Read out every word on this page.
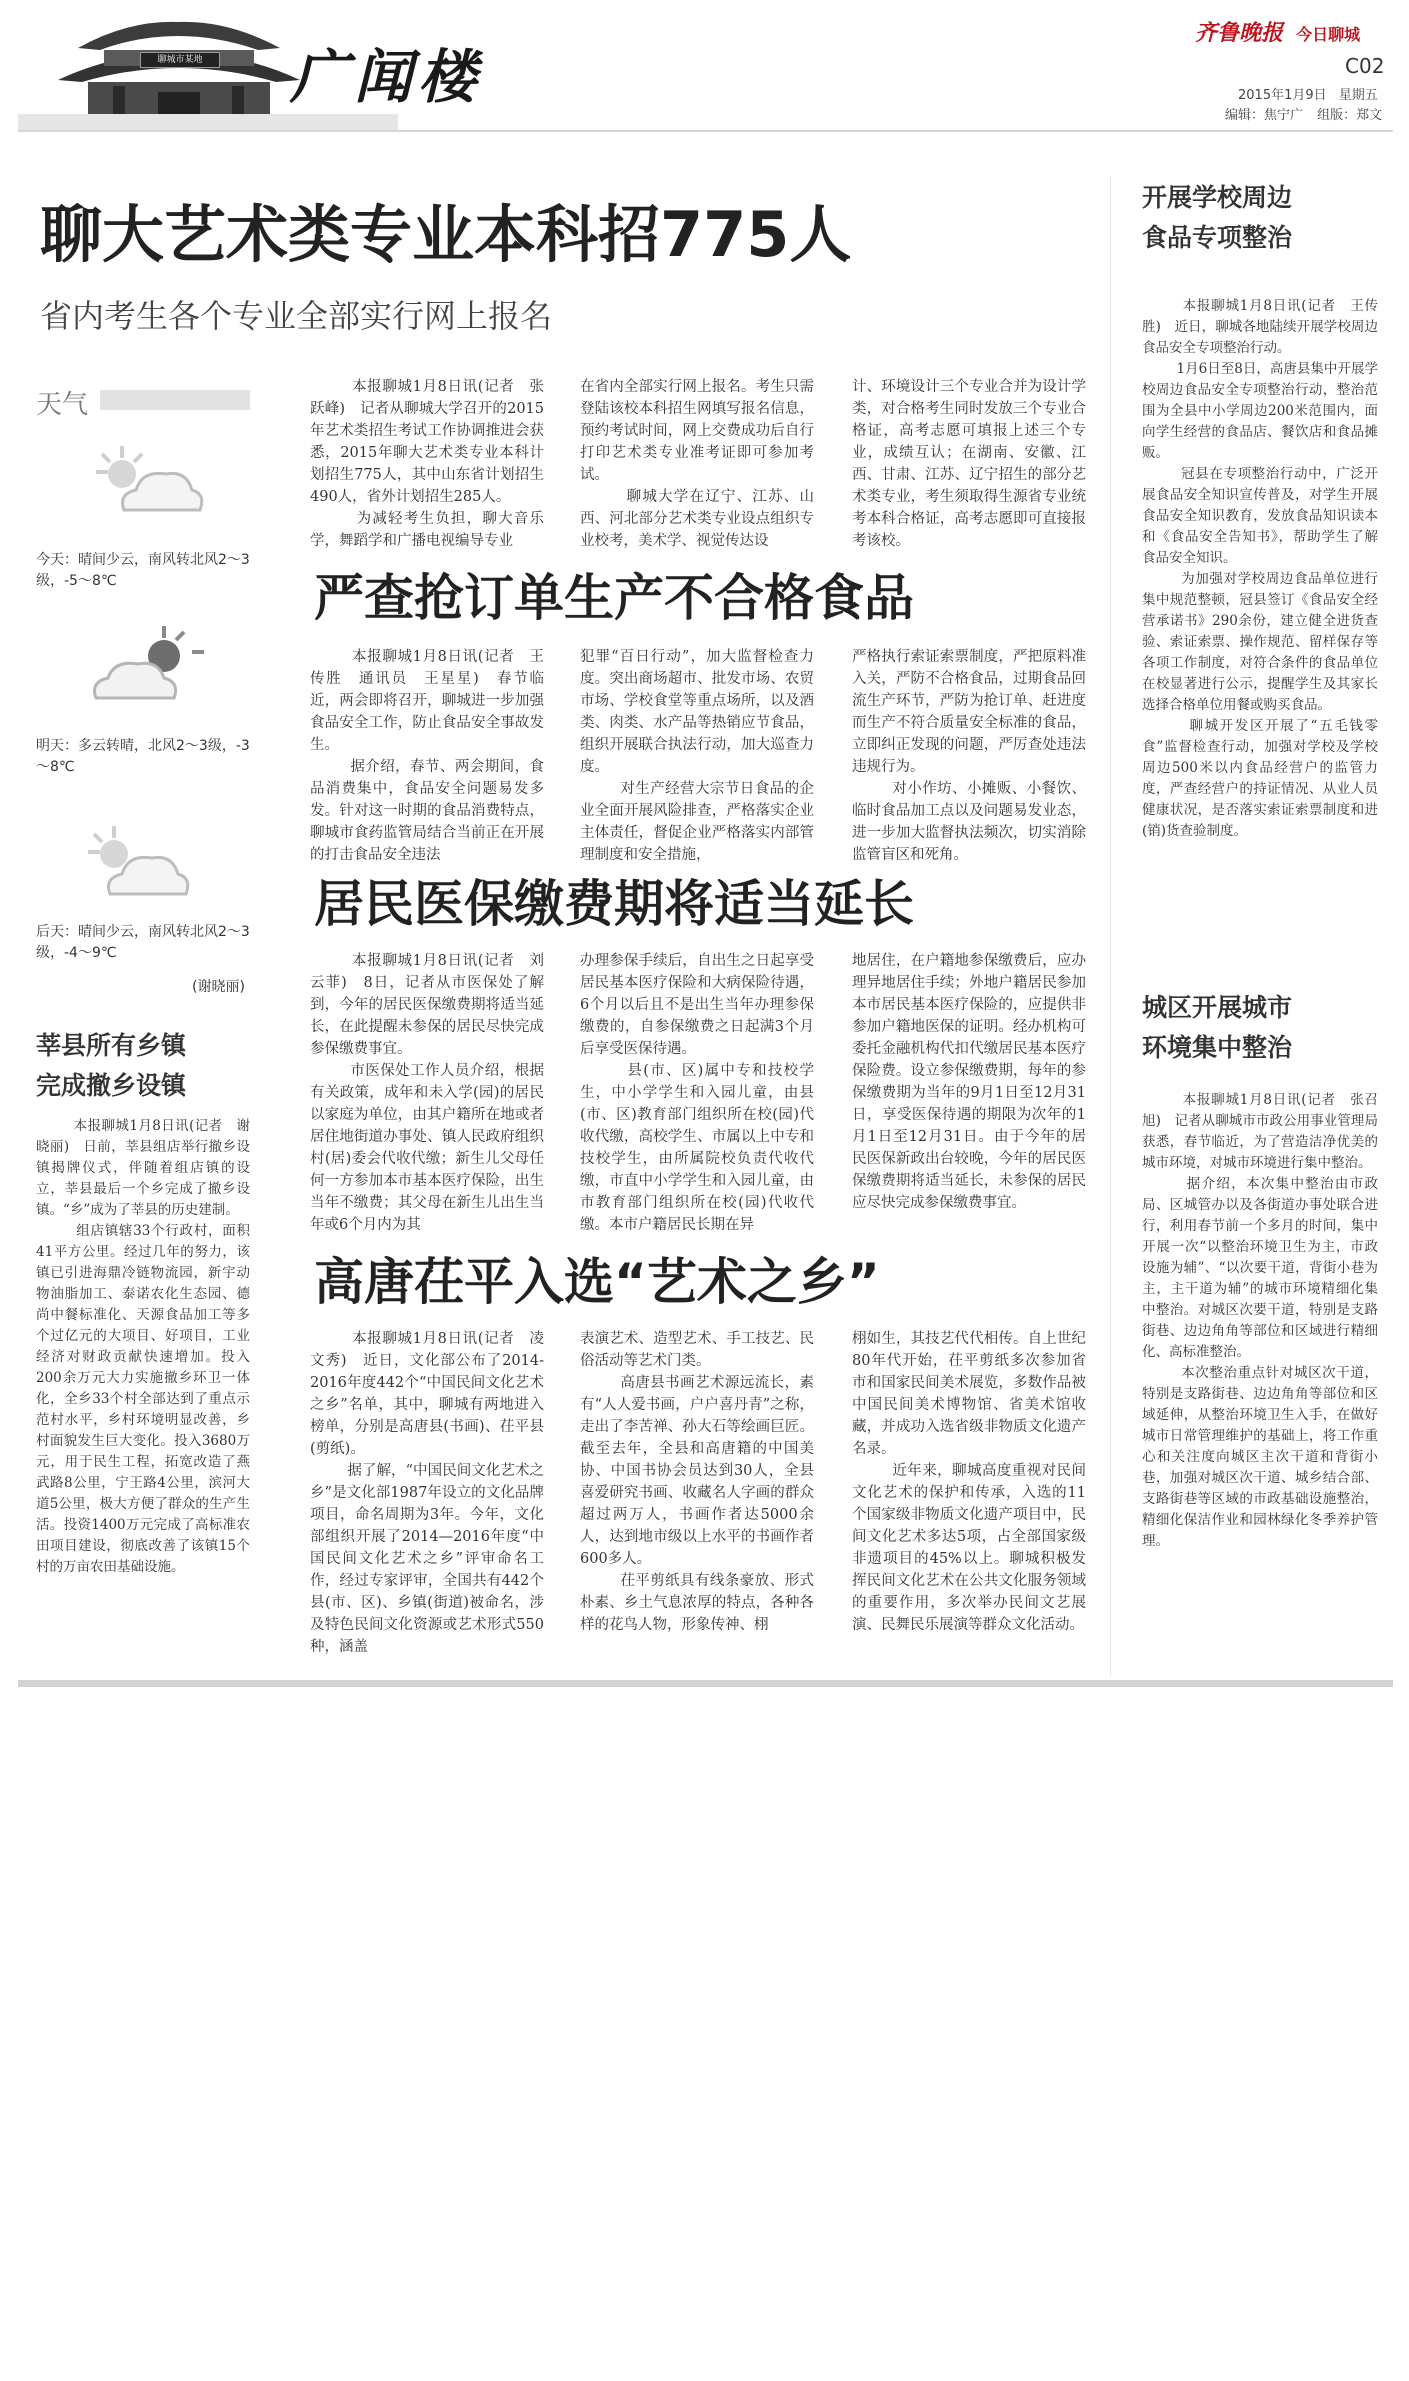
聊城市某地	广闻楼
齐鲁晚报 今日聊城
C02
2015年1月9日 星期五
编辑：焦宁广 组版：郑文
聊大艺术类专业本科招775人
省内考生各个专业全部实行网上报名
天气

今天：晴间少云，南风转北风2～3级，-5～8℃

明天：多云转晴，北风2～3级，-3～8℃

后天：晴间少云，南风转北风2～3级，-4～9℃

(谢晓丽)
莘县所有乡镇
完成撤乡设镇

本报聊城1月8日讯(记者　谢晓丽)　日前，莘县组店举行撤乡设镇揭牌仪式，伴随着组店镇的设立，莘县最后一个乡完成了撤乡设镇。“乡”成为了莘县的历史建制。
组店镇辖33个行政村，面积41平方公里。经过几年的努力，该镇已引进海鼎冷链物流园，新宇动物油脂加工、泰诺农化生态园、德尚中餐标准化、天源食品加工等多个过亿元的大项目、好项目，工业经济对财政贡献快速增加。投入200余万元大力实施撤乡环卫一体化，全乡33个村全部达到了重点示范村水平，乡村环境明显改善，乡村面貌发生巨大变化。投入3680万元，用于民生工程，拓宽改造了燕武路8公里，宁王路4公里，滨河大道5公里，极大方便了群众的生产生活。投资1400万元完成了高标准农田项目建设，彻底改善了该镇15个村的万亩农田基础设施。

本报聊城1月8日讯(记者　张跃峰)　记者从聊城大学召开的2015年艺术类招生考试工作协调推进会获悉，2015年聊大艺术类专业本科计划招生775人，其中山东省计划招生490人，省外计划招生285人。
为减轻考生负担，聊大音乐学，舞蹈学和广播电视编导专业

在省内全部实行网上报名。考生只需登陆该校本科招生网填写报名信息，预约考试时间，网上交费成功后自行打印艺术类专业准考证即可参加考试。
聊城大学在辽宁、江苏、山西、河北部分艺术类专业设点组织专业校考，美术学、视觉传达设

计、环境设计三个专业合并为设计学类，对合格考生同时发放三个专业合格证，高考志愿可填报上述三个专业，成绩互认；在湖南、安徽、江西、甘肃、江苏、辽宁招生的部分艺术类专业，考生须取得生源省专业统考本科合格证，高考志愿即可直接报考该校。

严查抢订单生产不合格食品

本报聊城1月8日讯(记者　王传胜　通讯员　王星星)　春节临近，两会即将召开，聊城进一步加强食品安全工作，防止食品安全事故发生。
据介绍，春节、两会期间，食品消费集中，食品安全问题易发多发。针对这一时期的食品消费特点，聊城市食药监管局结合当前正在开展的打击食品安全违法

犯罪“百日行动”，加大监督检查力度。突出商场超市、批发市场、农贸市场、学校食堂等重点场所，以及酒类、肉类、水产品等热销应节食品，组织开展联合执法行动，加大巡查力度。
对生产经营大宗节日食品的企业全面开展风险排查，严格落实企业主体责任，督促企业严格落实内部管理制度和安全措施，

严格执行索证索票制度，严把原料准入关，严防不合格食品，过期食品回流生产环节，严防为抢订单、赶进度而生产不符合质量安全标准的食品，立即纠正发现的问题，严厉查处违法违规行为。
对小作坊、小摊贩、小餐饮、临时食品加工点以及问题易发业态，进一步加大监督执法频次，切实消除监管盲区和死角。

居民医保缴费期将适当延长

本报聊城1月8日讯(记者　刘云菲)　8日，记者从市医保处了解到，今年的居民医保缴费期将适当延长，在此提醒未参保的居民尽快完成参保缴费事宜。
市医保处工作人员介绍，根据有关政策，成年和未入学(园)的居民以家庭为单位，由其户籍所在地或者居住地街道办事处、镇人民政府组织村(居)委会代收代缴；新生儿父母任何一方参加本市基本医疗保险，出生当年不缴费；其父母在新生儿出生当年或6个月内为其

办理参保手续后，自出生之日起享受居民基本医疗保险和大病保险待遇，6个月以后且不是出生当年办理参保缴费的，自参保缴费之日起满3个月后享受医保待遇。
县(市、区)属中专和技校学生，中小学学生和入园儿童，由县(市、区)教育部门组织所在校(园)代收代缴，高校学生、市属以上中专和技校学生，由所属院校负责代收代缴，市直中小学学生和入园儿童，由市教育部门组织所在校(园)代收代缴。本市户籍居民长期在异

地居住，在户籍地参保缴费后，应办理异地居住手续；外地户籍居民参加本市居民基本医疗保险的，应提供非参加户籍地医保的证明。经办机构可委托金融机构代扣代缴居民基本医疗保险费。设立参保缴费期，每年的参保缴费期为当年的9月1日至12月31日，享受医保待遇的期限为次年的1月1日至12月31日。由于今年的居民医保新政出台较晚，今年的居民医保缴费期将适当延长，未参保的居民应尽快完成参保缴费事宜。

高唐茌平入选“艺术之乡”

本报聊城1月8日讯(记者　凌文秀)　近日，文化部公布了2014-2016年度442个“中国民间文化艺术之乡”名单，其中，聊城有两地进入榜单，分别是高唐县(书画)、茌平县(剪纸)。
据了解，“中国民间文化艺术之乡”是文化部1987年设立的文化品牌项目，命名周期为3年。今年，文化部组织开展了2014—2016年度“中国民间文化艺术之乡”评审命名工作，经过专家评审，全国共有442个县(市、区)、乡镇(街道)被命名，涉及特色民间文化资源或艺术形式550种，涵盖

表演艺术、造型艺术、手工技艺、民俗活动等艺术门类。
高唐县书画艺术源远流长，素有“人人爱书画，户户喜丹青”之称，走出了李苦禅、孙大石等绘画巨匠。截至去年，全县和高唐籍的中国美协、中国书协会员达到30人，全县喜爱研究书画、收藏名人字画的群众超过两万人，书画作者达5000余人，达到地市级以上水平的书画作者600多人。
茌平剪纸具有线条豪放、形式朴素、乡土气息浓厚的特点，各种各样的花鸟人物，形象传神、栩

栩如生，其技艺代代相传。自上世纪80年代开始，茌平剪纸多次参加省市和国家民间美术展览，多数作品被中国民间美术博物馆、省美术馆收藏，并成功入选省级非物质文化遗产名录。
近年来，聊城高度重视对民间文化艺术的保护和传承，入选的11个国家级非物质文化遗产项目中，民间文化艺术多达5项，占全部国家级非遗项目的45%以上。聊城积极发挥民间文化艺术在公共文化服务领域的重要作用，多次举办民间文艺展演、民舞民乐展演等群众文化活动。

开展学校周边
食品专项整治

本报聊城1月8日讯(记者　王传胜)　近日，聊城各地陆续开展学校周边食品安全专项整治行动。
1月6日至8日，高唐县集中开展学校周边食品安全专项整治行动，整治范围为全县中小学周边200米范围内，面向学生经营的食品店、餐饮店和食品摊贩。
冠县在专项整治行动中，广泛开展食品安全知识宣传普及，对学生开展食品安全知识教育，发放食品知识读本和《食品安全告知书》，帮助学生了解食品安全知识。
为加强对学校周边食品单位进行集中规范整顿，冠县签订《食品安全经营承诺书》290余份，建立健全进货查验、索证索票、操作规范、留样保存等各项工作制度，对符合条件的食品单位在校显著进行公示，提醒学生及其家长选择合格单位用餐或购买食品。
聊城开发区开展了“五毛钱零食”监督检查行动，加强对学校及学校周边500米以内食品经营户的监管力度，严查经营户的持证情况、从业人员健康状况，是否落实索证索票制度和进(销)货查验制度。

城区开展城市
环境集中整治

本报聊城1月8日讯(记者　张召旭)　记者从聊城市市政公用事业管理局获悉，春节临近，为了营造洁净优美的城市环境，对城市环境进行集中整治。
据介绍，本次集中整治由市政局、区城管办以及各街道办事处联合进行，利用春节前一个多月的时间，集中开展一次“以整治环境卫生为主，市政设施为辅”、“以次要干道，背街小巷为主，主干道为辅”的城市环境精细化集中整治。对城区次要干道，特别是支路街巷、边边角角等部位和区域进行精细化、高标准整治。
本次整治重点针对城区次干道，特别是支路街巷、边边角角等部位和区域延伸，从整治环境卫生入手，在做好城市日常管理维护的基础上，将工作重心和关注度向城区主次干道和背街小巷，加强对城区次干道、城乡结合部、支路街巷等区域的市政基础设施整治，精细化保洁作业和园林绿化冬季养护管理。
